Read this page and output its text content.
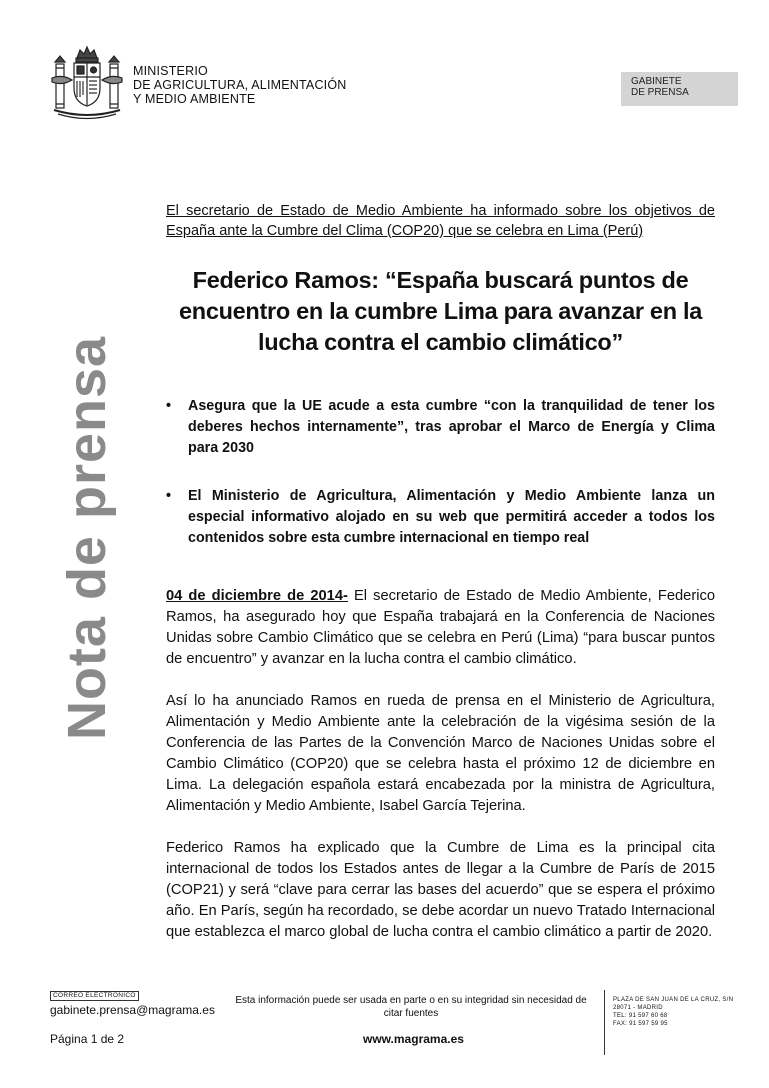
MINISTERIO
DE AGRICULTURA, ALIMENTACIÓN
Y MEDIO AMBIENTE
GABINETE
DE PRENSA
Nota de prensa
El secretario de Estado de Medio Ambiente ha informado sobre los objetivos de España ante la Cumbre del Clima (COP20) que se celebra en Lima (Perú)
Federico Ramos: “España buscará puntos de encuentro en la cumbre Lima para avanzar en la lucha contra el cambio climático”
• Asegura que la UE acude a esta cumbre “con la tranquilidad de tener los deberes hechos internamente”, tras aprobar el Marco de Energía y Clima para 2030
• El Ministerio de Agricultura, Alimentación y Medio Ambiente lanza un especial informativo alojado en su web que permitirá acceder a todos los contenidos sobre esta cumbre internacional en tiempo real

04 de diciembre de 2014- El secretario de Estado de Medio Ambiente, Federico Ramos, ha asegurado hoy que España trabajará en la Conferencia de Naciones Unidas sobre Cambio Climático que se celebra en Perú (Lima) “para buscar puntos de encuentro” y avanzar en la lucha contra el cambio climático.

Así lo ha anunciado Ramos en rueda de prensa en el Ministerio de Agricultura, Alimentación y Medio Ambiente ante la celebración de la vigésima sesión de la Conferencia de las Partes de la Convención Marco de Naciones Unidas sobre el Cambio Climático (COP20) que se celebra hasta el próximo 12 de diciembre en Lima. La delegación española estará encabezada por la ministra de Agricultura, Alimentación y Medio Ambiente, Isabel García Tejerina.

Federico Ramos ha explicado que la Cumbre de Lima es la principal cita internacional de todos los Estados antes de llegar a la Cumbre de París de 2015 (COP21) y será “clave para cerrar las bases del acuerdo” que se espera el próximo año. En París, según ha recordado, se debe acordar un nuevo Tratado Internacional que establezca el marco global de lucha contra el cambio climático a partir de 2020.

CORREO ELECTRÓNICO
gabinete.prensa@magrama.es
Esta información puede ser usada en parte o en su integridad sin necesidad de citar fuentes
Página 1 de 2	www.magrama.es
PLAZA DE SAN JUAN DE LA CRUZ, S/N
28071 - MADRID
TEL: 91 597 60 68
FAX: 91 597 59 95
